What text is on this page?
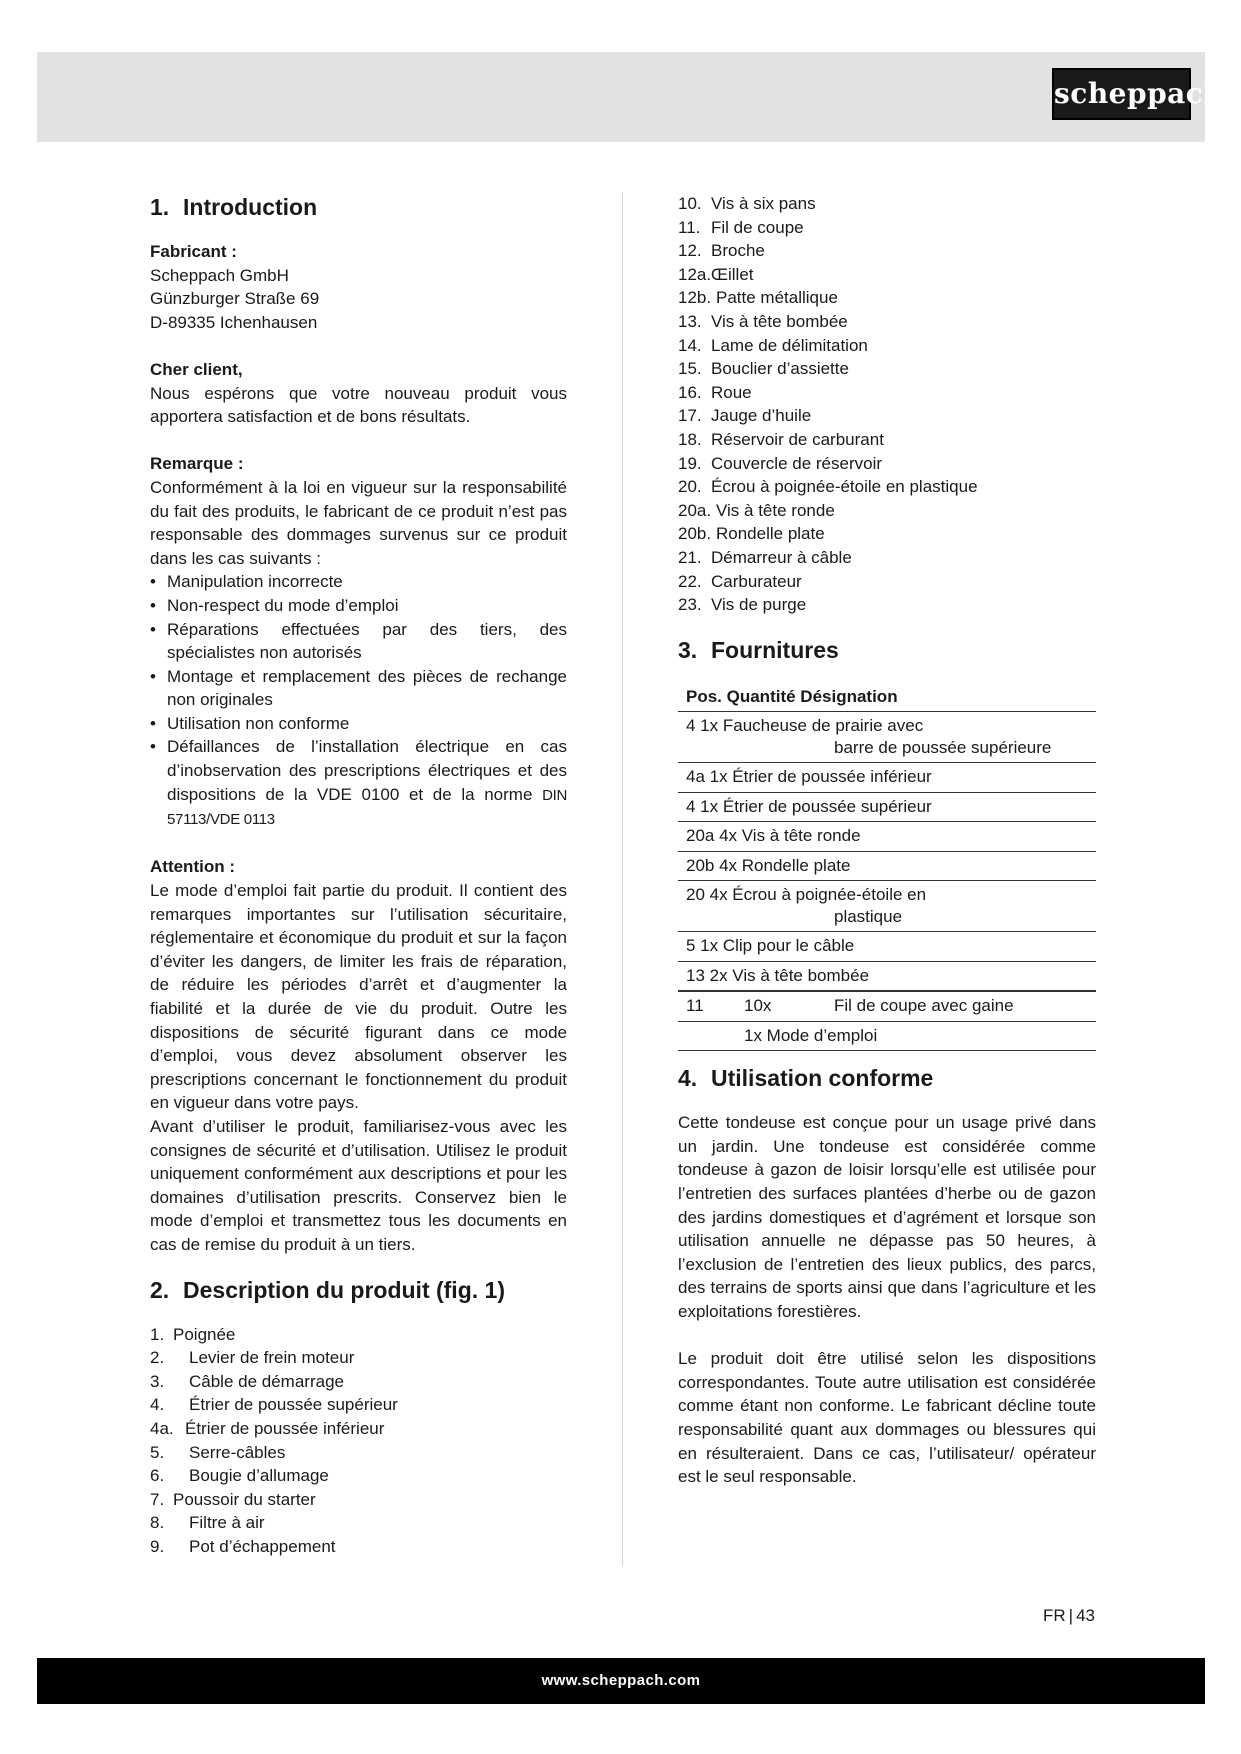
scheppach
1. Introduction

Fabricant :

Scheppach GmbH

Günzburger Straße 69

D-89335 Ichenhausen

Cher client,

Nous espérons que votre nouveau produit vous apportera satisfaction et de bons résultats.

Remarque :

Conformément à la loi en vigueur sur la responsabilité du fait des produits, le fabricant de ce produit n’est pas responsable des dommages survenus sur ce produit dans les cas suivants :

• Manipulation incorrecte
• Non-respect du mode d’emploi
• Réparations effectuées par des tiers, des spécialistes non autorisés
• Montage et remplacement des pièces de rechange non originales
• Utilisation non conforme
• Défaillances de l’installation électrique en cas d’inobservation des prescriptions électriques et des dispositions de la VDE 0100 et de la norme DIN 57113/VDE 0113

Attention :

Le mode d’emploi fait partie du produit. Il contient des remarques importantes sur l’utilisation sécuritaire, réglementaire et économique du produit et sur la façon d’éviter les dangers, de limiter les frais de réparation, de réduire les périodes d’arrêt et d’augmenter la fiabilité et la durée de vie du produit. Outre les dispositions de sécurité figurant dans ce mode d’emploi, vous devez absolument observer les prescriptions concernant le fonctionnement du produit en vigueur dans votre pays.

Avant d’utiliser le produit, familiarisez-vous avec les consignes de sécurité et d’utilisation. Utilisez le produit uniquement conformément aux descriptions et pour les domaines d’utilisation prescrits. Conservez bien le mode d’emploi et transmettez tous les documents en cas de remise du produit à un tiers.

2. Description du produit (fig. 1)
1. Poignée
2.	Levier de frein moteur
3.	Câble de démarrage
4.	Étrier de poussée supérieur
4a. Étrier de poussée inférieur
5.	Serre-câbles
6.	Bougie d’allumage
7. Poussoir du starter
8.	Filtre à air
9.	Pot d’échappement
10. Vis à six pans
11. Fil de coupe
12. Broche
12a. Œillet
12b. Patte métallique
13. Vis à tête bombée
14. Lame de délimitation
15. Bouclier d’assiette
16. Roue
17. Jauge d’huile
18. Réservoir de carburant
19. Couvercle de réservoir
20. Écrou à poignée-étoile en plastique
20a. Vis à tête ronde
20b. Rondelle plate
21. Démarreur à câble
22. Carburateur
23. Vis de purge
3. Fournitures
Pos. Quantité Désignation		
4 1x Faucheuse de prairie avec
barre de poussée supérieure		

4a 1x Étrier de poussée inférieur		
4 1x Étrier de poussée supérieur		
20a 4x Vis à tête ronde		
20b 4x Rondelle plate		
20 4x Écrou à poignée-étoile en
plastique		

5 1x Clip pour le câble		
13 2x Vis à tête bombée		
11	10x	Fil de coupe avec gaine
	1x Mode d’emploi	
4. Utilisation conforme

Cette tondeuse est conçue pour un usage privé dans un jardin. Une tondeuse est considérée comme tondeuse à gazon de loisir lorsqu’elle est utilisée pour l’entretien des surfaces plantées d’herbe ou de gazon des jardins domestiques et d’agrément et lorsque son utilisation annuelle ne dépasse pas 50 heures, à l’exclusion de l’entretien des lieux publics, des parcs, des terrains de sports ainsi que dans l’agriculture et les exploitations forestières.

Le produit doit être utilisé selon les dispositions correspondantes. Toute autre utilisation est considérée comme étant non conforme. Le fabricant décline toute responsabilité quant aux dommages ou blessures qui en résulteraient. Dans ce cas, l’utilisateur/ opérateur est le seul responsable.

FR | 43
www.scheppach.com
